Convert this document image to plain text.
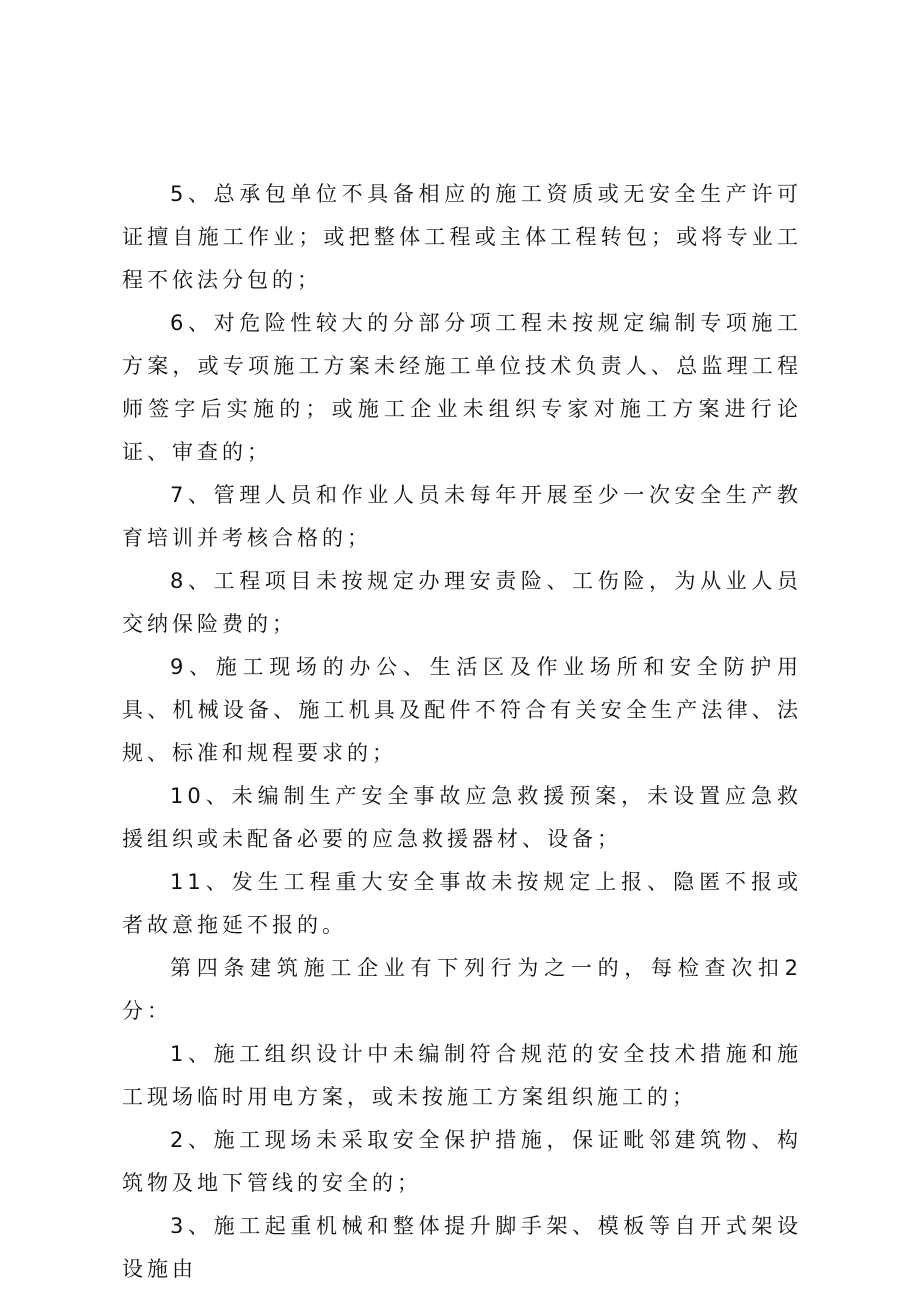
5、总承包单位不具备相应的施工资质或无安全生产许可证擅自施工作业；或把整体工程或主体工程转包；或将专业工程不依法分包的；

6、对危险性较大的分部分项工程未按规定编制专项施工方案，或专项施工方案未经施工单位技术负责人、总监理工程师签字后实施的；或施工企业未组织专家对施工方案进行论证、审查的；

7、管理人员和作业人员未每年开展至少一次安全生产教育培训并考核合格的；

8、工程项目未按规定办理安责险、工伤险，为从业人员交纳保险费的；

9、施工现场的办公、生活区及作业场所和安全防护用具、机械设备、施工机具及配件不符合有关安全生产法律、法规、标准和规程要求的；

10、未编制生产安全事故应急救援预案，未设置应急救援组织或未配备必要的应急救援器材、设备；

11、发生工程重大安全事故未按规定上报、隐匿不报或者故意拖延不报的。

第四条建筑施工企业有下列行为之一的，每检查次扣2分：

1、施工组织设计中未编制符合规范的安全技术措施和施工现场临时用电方案，或未按施工方案组织施工的；

2、施工现场未采取安全保护措施，保证毗邻建筑物、构筑物及地下管线的安全的；

3、施工起重机械和整体提升脚手架、模板等自开式架设设施由
